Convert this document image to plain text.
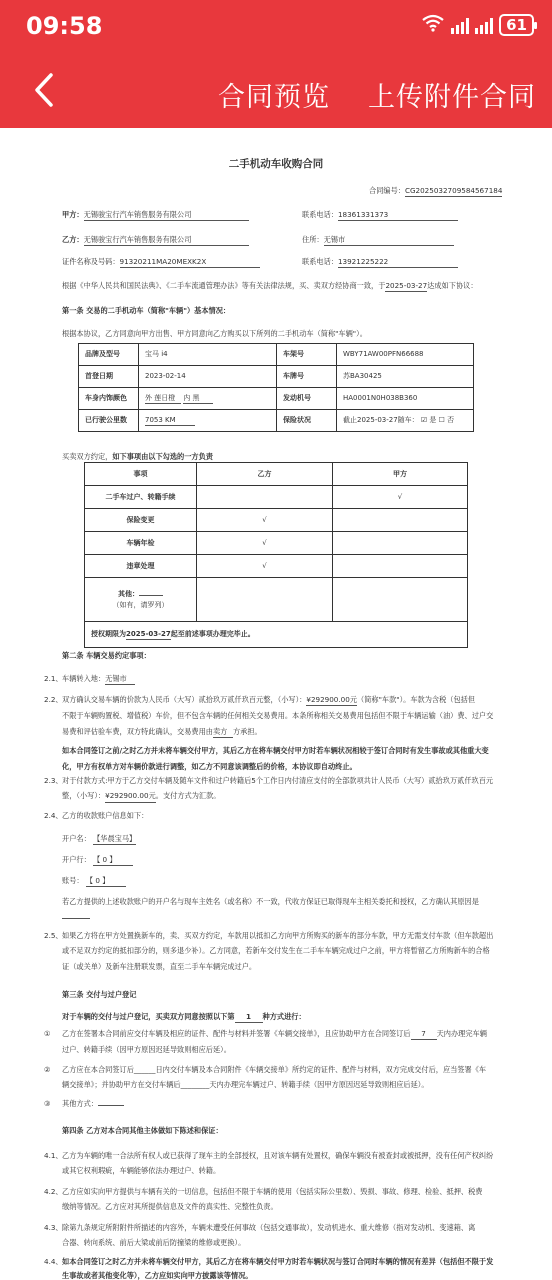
09:58	61
合同预览 上传附件合同
二手机动车收购合同
合同编号：CG2025032709584567184
甲方：无锡骏宝行汽车销售服务有限公司	联系电话：18361331373
乙方：无锡骏宝行汽车销售服务有限公司	住所：无锡市
证件名称及号码：91320211MA20MEXK2X	联系电话：13921225222
根据《中华人民共和国民法典》、《二手车流通管理办法》等有关法律法规，买、卖双方经协商一致，于2025-03-27达成如下协议：
第一条 交易的二手机动车（简称"车辆"）基本情况：
根据本协议，乙方同意向甲方出售、甲方同意向乙方购买以下所列的二手机动车（简称"车辆"）。
品牌及型号	宝马 i4	车架号	WBY71AW00PFN66688
首登日期	2023-02-14	车牌号	苏BA30425
车身内饰颜色	外 莲日橙 内 黑	发动机号	HA0001N0H038B360
已行驶公里数	7053 KM	保险状况	截止2025-03-27随车： ☑ 是 ☐ 否
买卖双方约定，如下事项由以下勾选的一方负责
事项	乙方	甲方
二手车过户、转籍手续		√
保险变更	√	
车辆年检	√	
违章处理	√	

其他：
（如有，请罗列）		

授权期限为2025-03-27起至前述事项办理完毕止。		
第二条 车辆交易约定事项：
2.1、 车辆转入地：无锡市
2.2、 双方确认交易车辆的价款为人民币（大写）贰拾玖万贰仟玖百元整，（小写）：¥292900.00元（简称"车款"）。车款为含税（包括但
不限于车辆购置税、增值税）车价，但不包含车辆的任何相关交易费用。本条所称相关交易费用包括但不限于车辆运输（油）费、过户交
易费和评估验车费，双方特此确认，交易费用由卖方 方承担。
如本合同签订之前/之时乙方并未将车辆交付甲方，其后乙方在将车辆交付甲方时若车辆状况相较于签订合同时有发生事故或其他重大变
化，甲方有权单方对车辆价款进行调整，如乙方不同意该调整后的价格，本协议即自动终止。
2.3、 对于付款方式:甲方于乙方交付车辆及随车文件和过户转籍后5个工作日内付清应支付的全部款项共计人民币（大写）贰拾玖万贰仟玖百元
整，（小写）：¥292900.00元。支付方式为汇款。
2.4、 乙方的收款账户信息如下：
开户名： 【华晨宝马】
开户行： 【 0 】
账号： 【 0 】
若乙方提供的上述收款账户的开户名与现车主姓名（或名称）不一致，代收方保证已取得现车主相关委托和授权，乙方确认其原因是
2.5、 如果乙方将在甲方处置换新车的，卖、买双方约定，车款用以抵扣乙方向甲方所购买的新车的部分车款，甲方无需支付车款（但车款超出
或不足双方约定的抵扣部分的，则多退少补）。乙方同意，若新车交付发生在二手车车辆完成过户之前，甲方将暂留乙方所购新车的合格
证（或关单）及新车注册联发票，直至二手车车辆完成过户。
第三条 交付与过户登记
对于车辆的交付与过户登记，买卖双方同意按照以下第 1 种方式进行：
① 乙方在签署本合同前应交付车辆及相应的证件、配件与材料并签署《车辆交接单》，且应协助甲方在合同签订后 7 天内办理完车辆
过户、转籍手续（因甲方原因迟延导致则相应后延）。
② 乙方应在本合同签订后______日内交付车辆及本合同附件《车辆交接单》所约定的证件、配件与材料，双方完成交付后，应当签署《车
辆交接单》；并协助甲方在交付车辆后________天内办理完车辆过户、转籍手续（因甲方原因迟延导致则相应后延）。
③ 其他方式：
第四条 乙方对本合同其他主体做如下陈述和保证：
4.1、 乙方为车辆的唯一合法所有权人或已获得了现车主的全部授权，且对该车辆有处置权，确保车辆没有被查封或被抵押，没有任何产权纠纷
或其它权利瑕疵，车辆能够依法办理过户、转籍。
4.2、 乙方应如实向甲方提供与车辆有关的一切信息，包括但不限于车辆的使用（包括实际公里数）、毁损、事故、修理、检验、抵押、税费
缴纳等情况。乙方应对其所提供信息及文件的真实性、完整性负责。
4.3、 除第九条规定所附附件所描述的内容外，车辆未遭受任何事故（包括交通事故），发动机进水、重大维修（指对发动机、变速箱、离
合器、转向系统、前后大梁或前后防撞梁的维修或更换）。
4.4、 如本合同签订之时乙方并未将车辆交付甲方，其后乙方在将车辆交付甲方时若车辆状况与签订合同时车辆的情况有差异（包括但不限于发
生事故或者其他变化等），乙方应如实向甲方披露该等情况。
